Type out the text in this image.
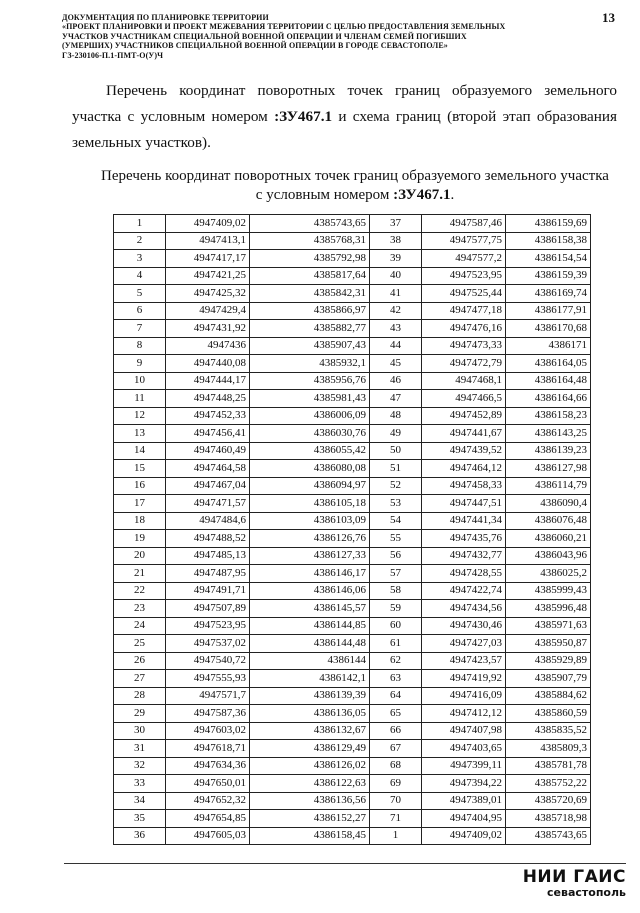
ДОКУМЕНТАЦИЯ ПО ПЛАНИРОВКЕ ТЕРРИТОРИИ
«ПРОЕКТ ПЛАНИРОВКИ И ПРОЕКТ МЕЖЕВАНИЯ ТЕРРИТОРИИ С ЦЕЛЬЮ ПРЕДОСТАВЛЕНИЯ ЗЕМЕЛЬНЫХ
УЧАСТКОВ УЧАСТНИКАМ СПЕЦИАЛЬНОЙ ВОЕННОЙ ОПЕРАЦИИ И ЧЛЕНАМ СЕМЕЙ ПОГИБШИХ
(УМЕРШИХ) УЧАСТНИКОВ СПЕЦИАЛЬНОЙ ВОЕННОЙ ОПЕРАЦИИ В ГОРОДЕ СЕВАСТОПОЛЕ»
ГЗ-230106-П.1-ПМТ-О(У)Ч
13
Перечень координат поворотных точек границ образуемого земельного участка с условным номером :ЗУ467.1 и схема границ (второй этап образования земельных участков).
Перечень координат поворотных точек границ образуемого земельного участка с условным номером :ЗУ467.1.
1	4947409,02	4385743,65	37	4947587,46	4386159,69
2	4947413,1	4385768,31	38	4947577,75	4386158,38
3	4947417,17	4385792,98	39	4947577,2	4386154,54
4	4947421,25	4385817,64	40	4947523,95	4386159,39
5	4947425,32	4385842,31	41	4947525,44	4386169,74
6	4947429,4	4385866,97	42	4947477,18	4386177,91
7	4947431,92	4385882,77	43	4947476,16	4386170,68
8	4947436	4385907,43	44	4947473,33	4386171
9	4947440,08	4385932,1	45	4947472,79	4386164,05
10	4947444,17	4385956,76	46	4947468,1	4386164,48
11	4947448,25	4385981,43	47	4947466,5	4386164,66
12	4947452,33	4386006,09	48	4947452,89	4386158,23
13	4947456,41	4386030,76	49	4947441,67	4386143,25
14	4947460,49	4386055,42	50	4947439,52	4386139,23
15	4947464,58	4386080,08	51	4947464,12	4386127,98
16	4947467,04	4386094,97	52	4947458,33	4386114,79
17	4947471,57	4386105,18	53	4947447,51	4386090,4
18	4947484,6	4386103,09	54	4947441,34	4386076,48
19	4947488,52	4386126,76	55	4947435,76	4386060,21
20	4947485,13	4386127,33	56	4947432,77	4386043,96
21	4947487,95	4386146,17	57	4947428,55	4386025,2
22	4947491,71	4386146,06	58	4947422,74	4385999,43
23	4947507,89	4386145,57	59	4947434,56	4385996,48
24	4947523,95	4386144,85	60	4947430,46	4385971,63
25	4947537,02	4386144,48	61	4947427,03	4385950,87
26	4947540,72	4386144	62	4947423,57	4385929,89
27	4947555,93	4386142,1	63	4947419,92	4385907,79
28	4947571,7	4386139,39	64	4947416,09	4385884,62
29	4947587,36	4386136,05	65	4947412,12	4385860,59
30	4947603,02	4386132,67	66	4947407,98	4385835,52
31	4947618,71	4386129,49	67	4947403,65	4385809,3
32	4947634,36	4386126,02	68	4947399,11	4385781,78
33	4947650,01	4386122,63	69	4947394,22	4385752,22
34	4947652,32	4386136,56	70	4947389,01	4385720,69
35	4947654,85	4386152,27	71	4947404,95	4385718,98
36	4947605,03	4386158,45	1	4947409,02	4385743,65
НИИ ГАИС
севастополь
